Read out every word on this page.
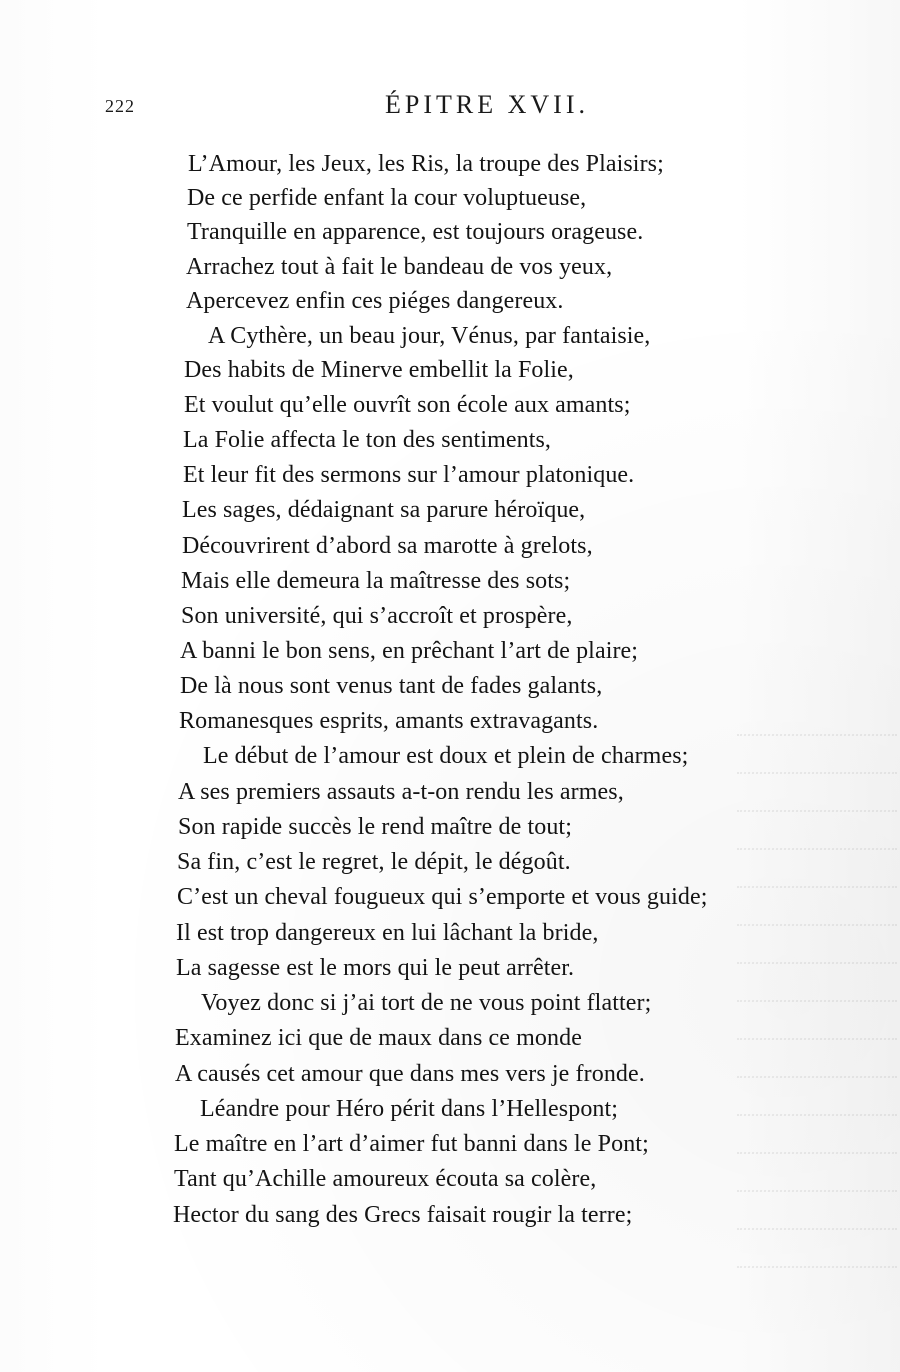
222	ÉPITRE XVII.
L’Amour, les Jeux, les Ris, la troupe des Plaisirs;
De ce perfide enfant la cour voluptueuse,
Tranquille en apparence, est toujours orageuse.
Arrachez tout à fait le bandeau de vos yeux,
Apercevez enfin ces piéges dangereux.
A Cythère, un beau jour, Vénus, par fantaisie,
Des habits de Minerve embellit la Folie,
Et voulut qu’elle ouvrît son école aux amants;
La Folie affecta le ton des sentiments,
Et leur fit des sermons sur l’amour platonique.
Les sages, dédaignant sa parure héroïque,
Découvrirent d’abord sa marotte à grelots,
Mais elle demeura la maîtresse des sots;
Son université, qui s’accroît et prospère,
A banni le bon sens, en prêchant l’art de plaire;
De là nous sont venus tant de fades galants,
Romanesques esprits, amants extravagants.
Le début de l’amour est doux et plein de charmes;
A ses premiers assauts a-t-on rendu les armes,
Son rapide succès le rend maître de tout;
Sa fin, c’est le regret, le dépit, le dégoût.
C’est un cheval fougueux qui s’emporte et vous guide;
Il est trop dangereux en lui lâchant la bride,
La sagesse est le mors qui le peut arrêter.
Voyez donc si j’ai tort de ne vous point flatter;
Examinez ici que de maux dans ce monde
A causés cet amour que dans mes vers je fronde.
Léandre pour Héro périt dans l’Hellespont;
Le maître en l’art d’aimer fut banni dans le Pont;
Tant qu’Achille amoureux écouta sa colère,
Hector du sang des Grecs faisait rougir la terre;
